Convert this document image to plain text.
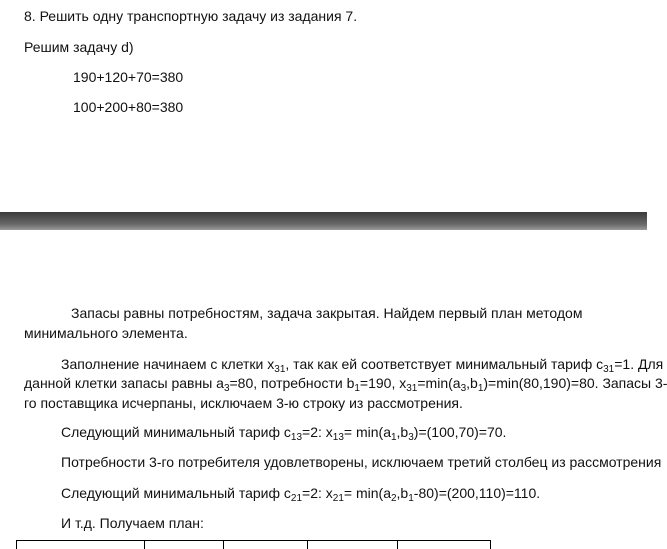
8. Решить одну транспортную задачу из задания 7.
Решим задачу d)
190+120+70=380
100+200+80=380
Запасы равны потребностям, задача закрытая. Найдем первый план методом
минимального элемента.
Заполнение начинаем с клетки $x_{31}$, так как ей соответствует минимальный тариф $c_{31}=1$. Для
данной клетки запасы равны $a_3=80$, потребности $b_1=190$, $x_{31}=\min(a_3,b_1)=\min(80,190)=80$. Запасы 3-
го поставщика исчерпаны, исключаем 3-ю строку из рассмотрения.
Следующий минимальный тариф $c_{13}=2$: $x_{13}= \min(a_1,b_3)=(100,70)=70$.
Потребности 3-го потребителя удовлетворены, исключаем третий столбец из рассмотрения
Следующий минимальный тариф $c_{21}=2$: $x_{21}= \min(a_2,b_1-80)=(200,110)=110$.
И т.д. Получаем план:
